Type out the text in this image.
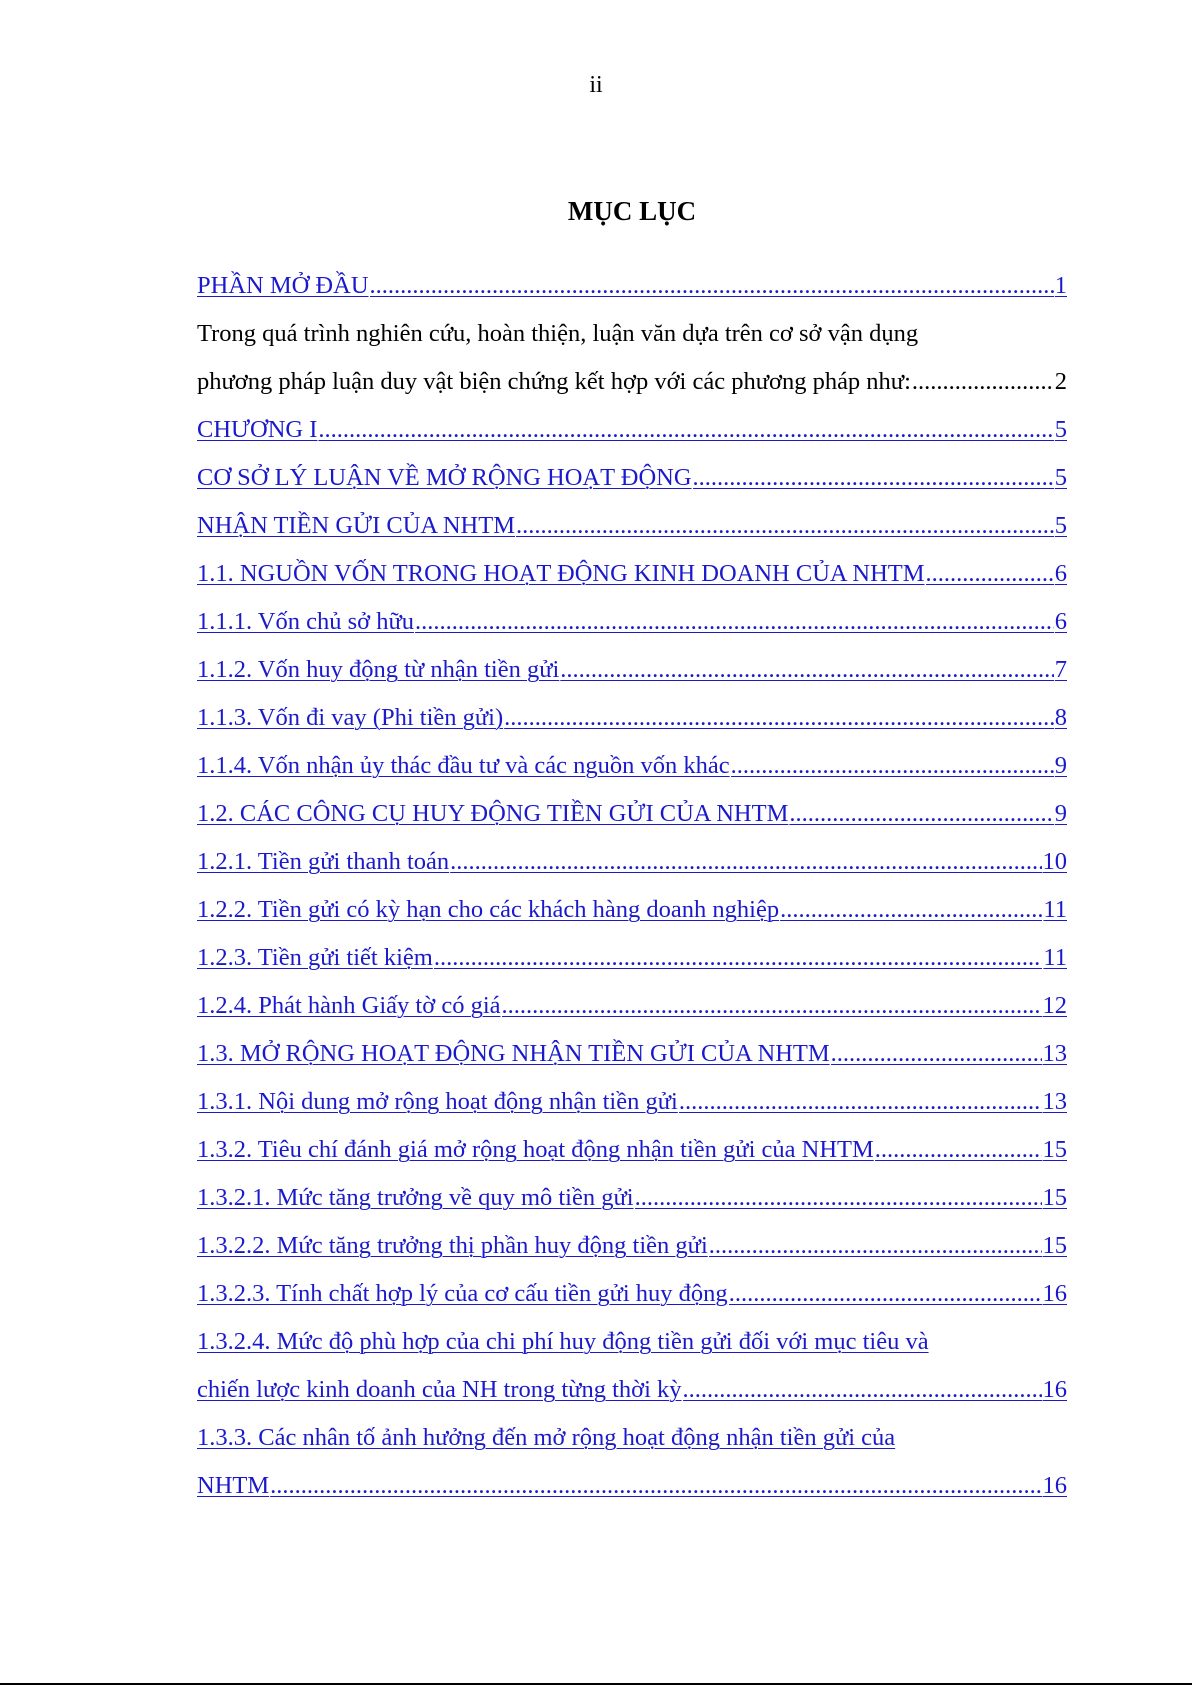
ii
MỤC LỤC
PHẦN MỞ ĐẦU .....	1
Trong quá trình nghiên cứu, hoàn thiện, luận văn dựa trên cơ sở vận dụng
phương pháp luận duy vật biện chứng kết hợp với các phương pháp như: .....	2
CHƯƠNG I .....	5
CƠ SỞ LÝ LUẬN VỀ MỞ RỘNG HOẠT ĐỘNG .....	5
NHẬN TIỀN GỬI CỦA NHTM .....	5
1.1. NGUỒN VỐN TRONG HOẠT ĐỘNG KINH DOANH CỦA NHTM .....	6
1.1.1. Vốn chủ sở hữu .....	6
1.1.2. Vốn huy động từ nhận tiền gửi .....	7
1.1.3. Vốn đi vay (Phi tiền gửi) .....	8
1.1.4. Vốn nhận ủy thác đầu tư và các nguồn vốn khác .....	9
1.2. CÁC CÔNG CỤ HUY ĐỘNG TIỀN GỬI CỦA NHTM .....	9
1.2.1. Tiền gửi thanh toán .....	10
1.2.2. Tiền gửi có kỳ hạn cho các khách hàng doanh nghiệp .....	11
1.2.3. Tiền gửi tiết kiệm .....	11
1.2.4. Phát hành Giấy tờ có giá .....	12
1.3. MỞ RỘNG HOẠT ĐỘNG NHẬN TIỀN GỬI CỦA NHTM .....	13
1.3.1. Nội dung mở rộng hoạt động nhận tiền gửi .....	13
1.3.2. Tiêu chí đánh giá mở rộng hoạt động nhận tiền gửi của NHTM .....	15
1.3.2.1. Mức tăng trưởng về quy mô tiền gửi .....	15
1.3.2.2. Mức tăng trưởng thị phần huy động tiền gửi .....	15
1.3.2.3. Tính chất hợp lý của cơ cấu tiền gửi huy động .....	16
1.3.2.4. Mức độ phù hợp của chi phí huy động tiền gửi đối với mục tiêu và
chiến lược kinh doanh của NH trong từng thời kỳ .....	16
1.3.3. Các nhân tố ảnh hưởng đến mở rộng hoạt động nhận tiền gửi của
NHTM .....	16
